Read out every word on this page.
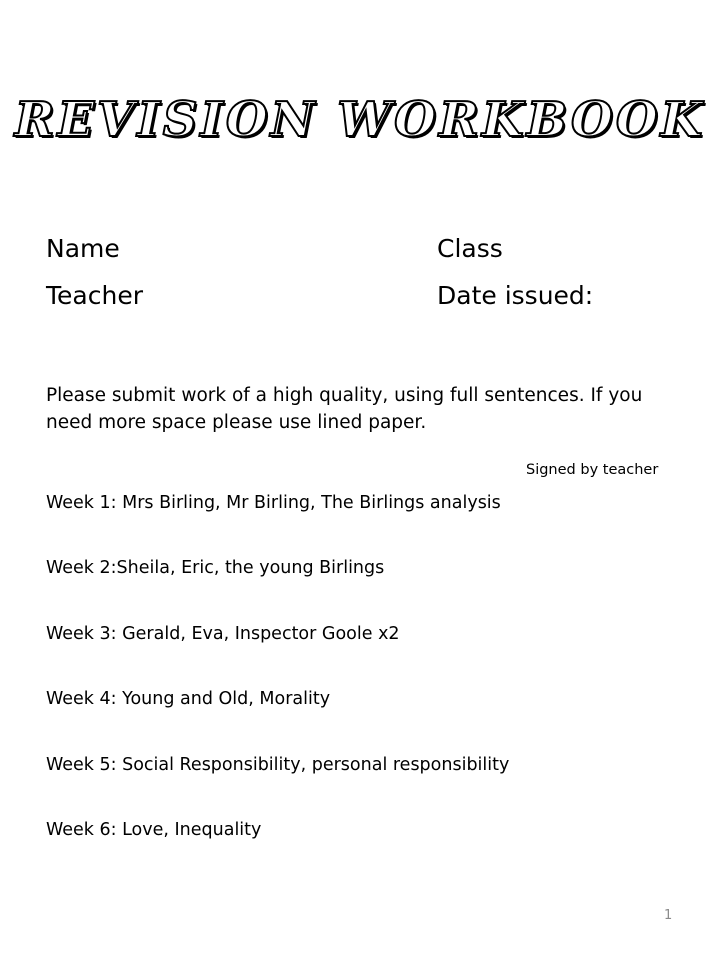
REVISION WORKBOOK
Name	Class
Teacher	Date issued:
Please submit work of a high quality, using full sentences. If you need more space please use lined paper.
Signed by teacher
Week 1: Mrs Birling, Mr Birling, The Birlings analysis
Week 2:Sheila, Eric, the young Birlings
Week 3: Gerald, Eva, Inspector Goole x2
Week 4: Young and Old, Morality
Week 5: Social Responsibility, personal responsibility
Week 6: Love, Inequality
1
